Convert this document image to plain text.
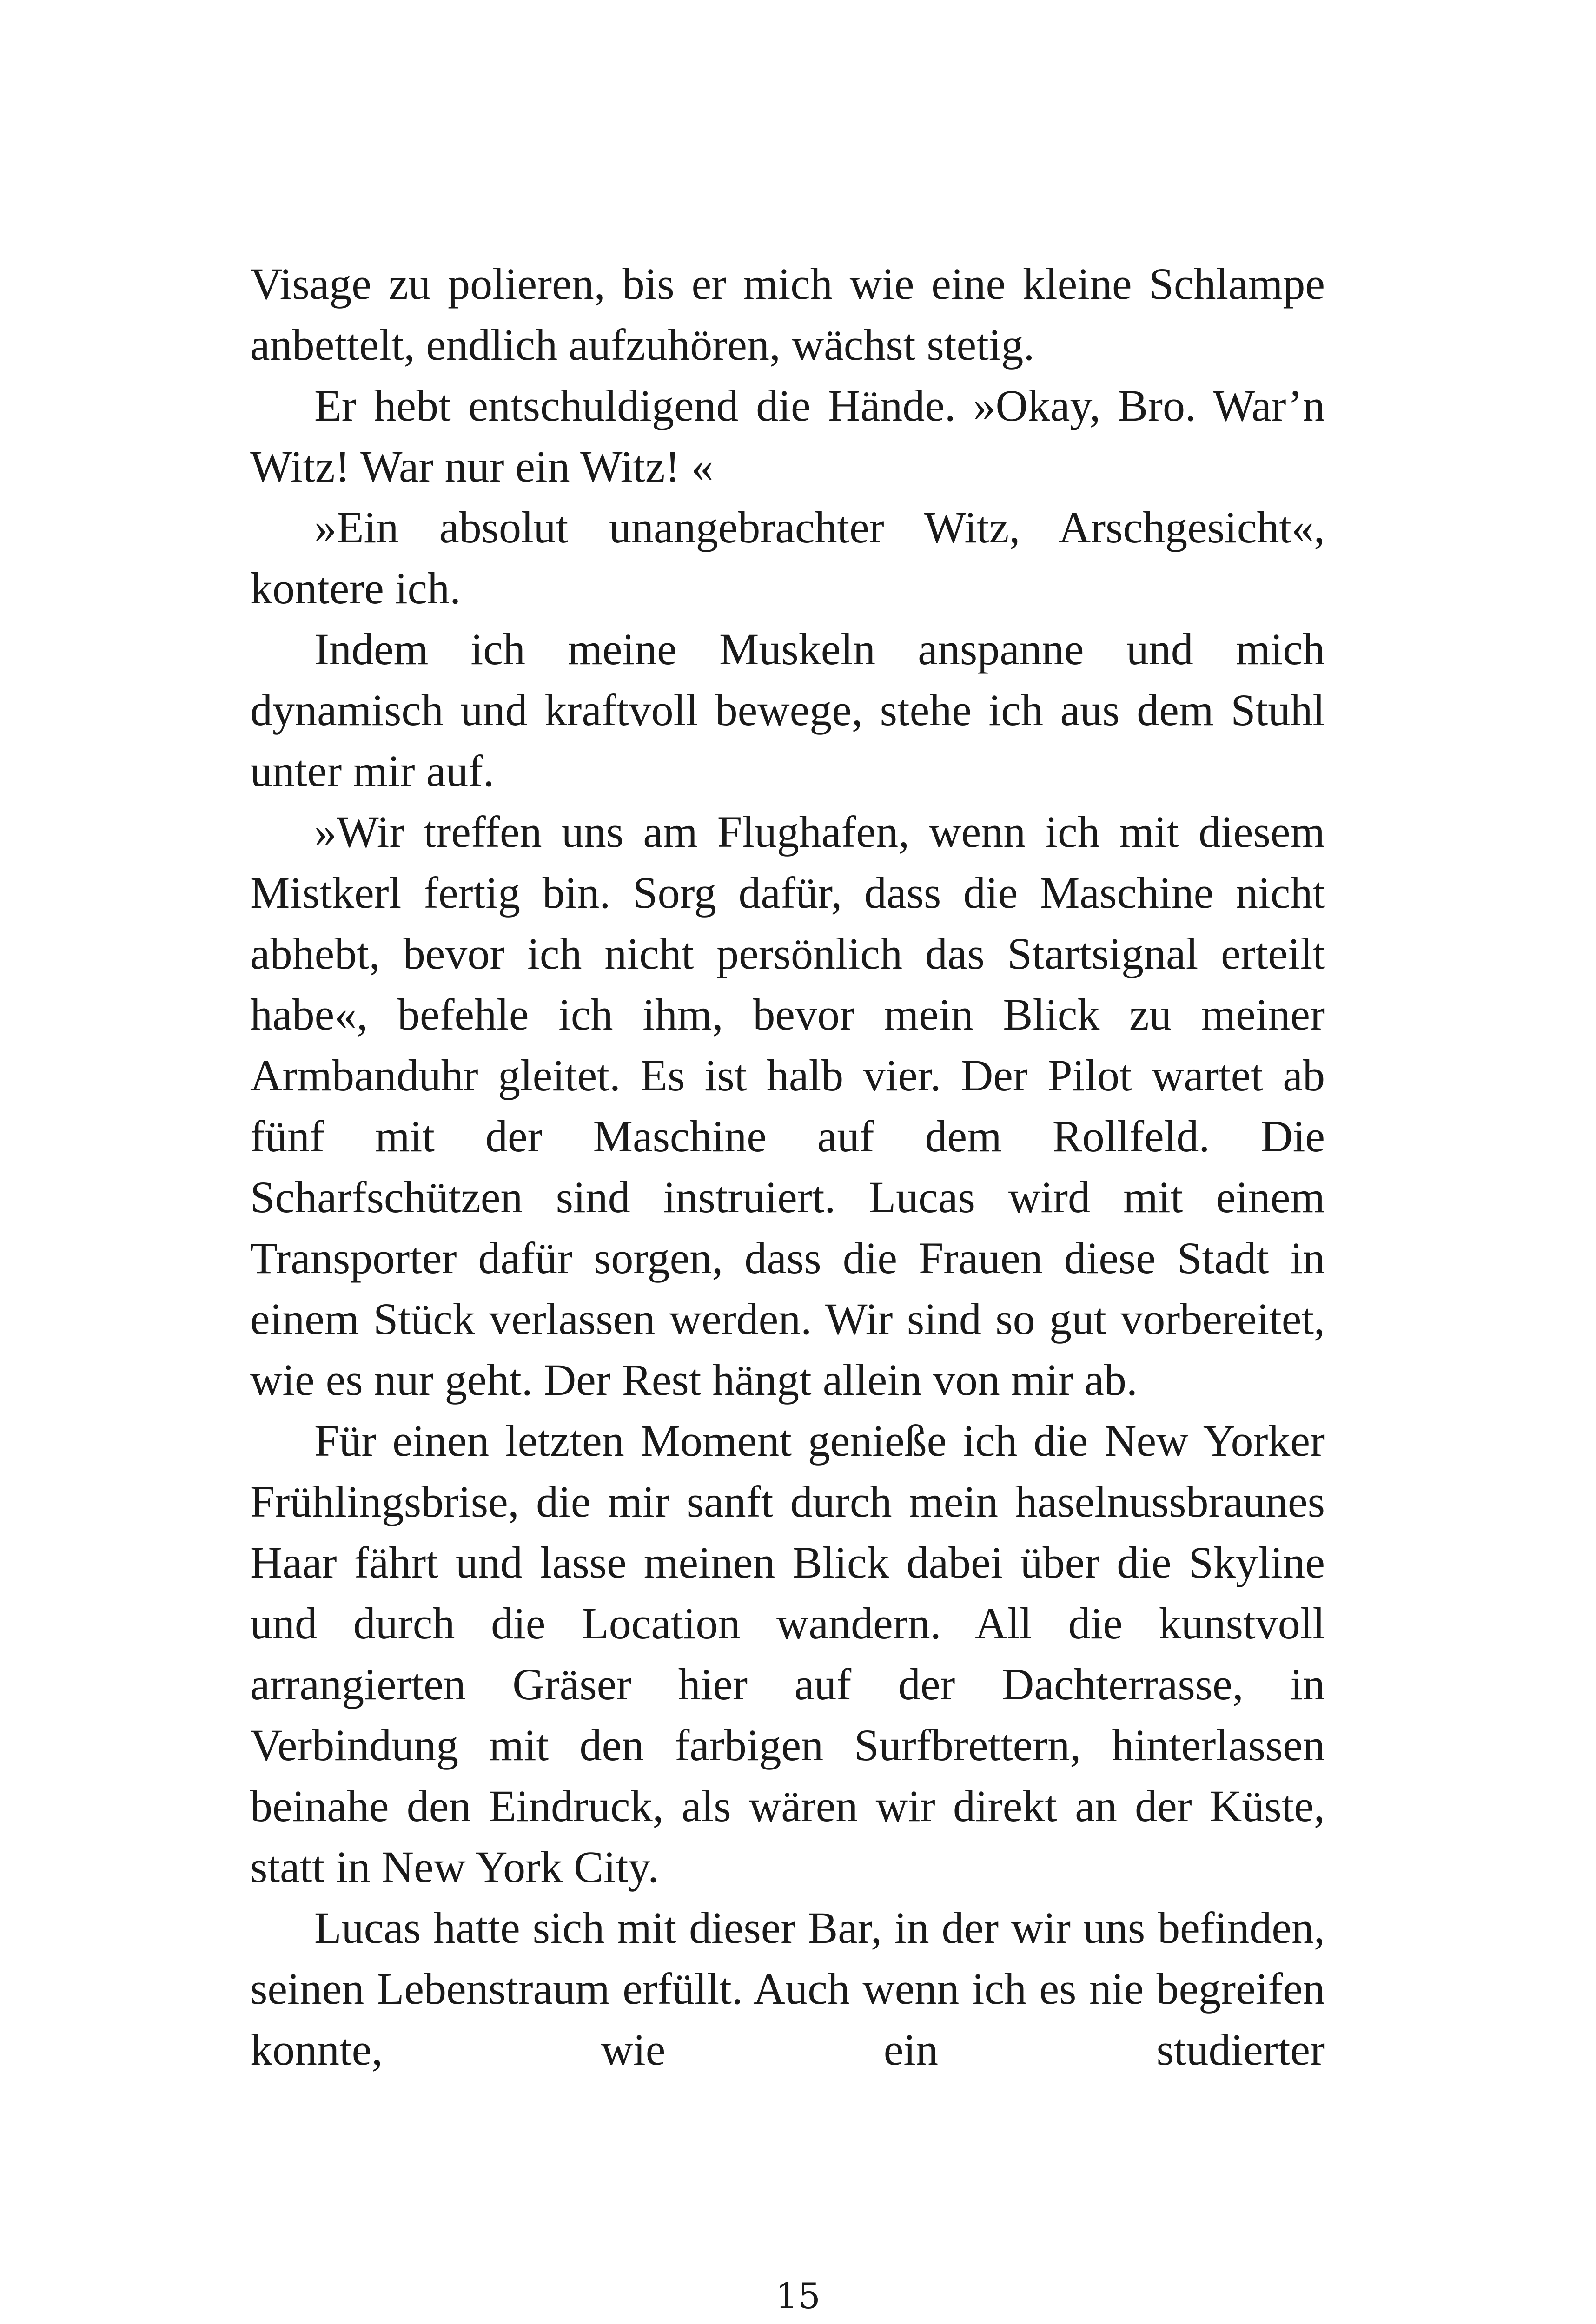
Visage zu polieren, bis er mich wie eine kleine Schlampe anbettelt, endlich aufzuhören, wächst stetig.

Er hebt entschuldigend die Hände. »Okay, Bro. War’n Witz! War nur ein Witz! «

»Ein absolut unangebrachter Witz, Arschgesicht«, kontere ich.

Indem ich meine Muskeln anspanne und mich dynamisch und kraftvoll bewege, stehe ich aus dem Stuhl unter mir auf.

»Wir treffen uns am Flughafen, wenn ich mit diesem Mistkerl fertig bin. Sorg dafür, dass die Maschine nicht abhebt, bevor ich nicht persönlich das Startsignal erteilt habe«, befehle ich ihm, bevor mein Blick zu meiner Armbanduhr gleitet. Es ist halb vier. Der Pilot wartet ab fünf mit der Maschine auf dem Rollfeld. Die Scharfschützen sind instruiert. Lucas wird mit einem Transporter dafür sorgen, dass die Frauen diese Stadt in einem Stück verlassen werden. Wir sind so gut vorbereitet, wie es nur geht. Der Rest hängt allein von mir ab.

Für einen letzten Moment genieße ich die New Yorker Frühlingsbrise, die mir sanft durch mein haselnussbraunes Haar fährt und lasse meinen Blick dabei über die Skyline und durch die Location wandern. All die kunstvoll arrangierten Gräser hier auf der Dachterrasse, in Verbindung mit den farbigen Surfbrettern, hinterlassen beinahe den Eindruck, als wären wir direkt an der Küste, statt in New York City.

Lucas hatte sich mit dieser Bar, in der wir uns befinden, seinen Lebenstraum erfüllt. Auch wenn ich es nie begreifen konnte, wie ein studierter

15
